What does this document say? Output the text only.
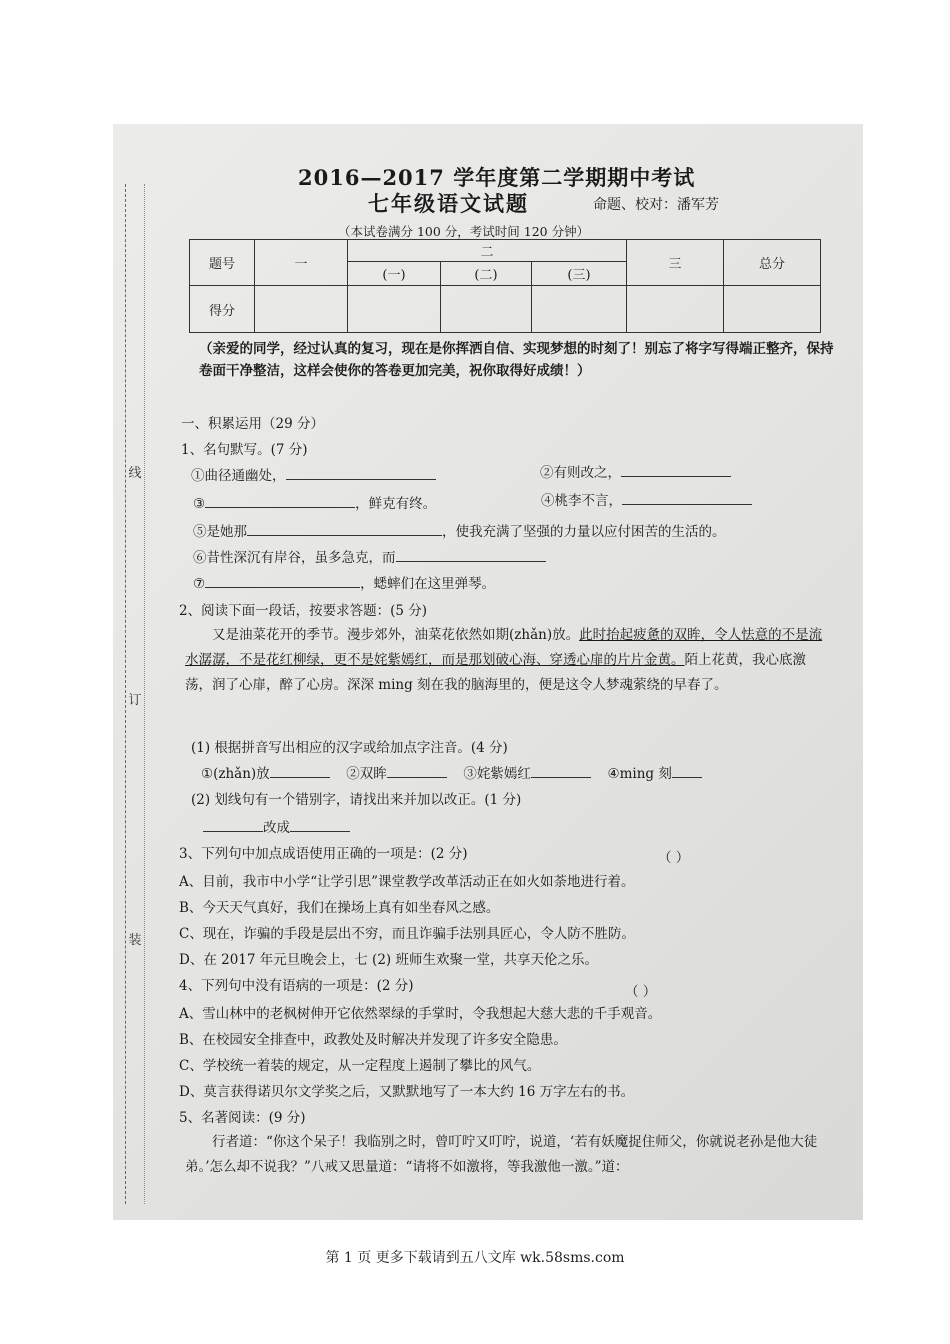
线
订
装
2016—2017 学年度第二学期期中考试
七年级语文试题	命题、校对：潘军芳
（本试卷满分 100 分，考试时间 120 分钟）
题号	一	二			三	总分
		(一)	(二)	(三)		
得分						
（亲爱的同学，经过认真的复习，现在是你挥洒自信、实现梦想的时刻了！别忘了将字写得端正整齐，保持卷面干净整洁，这样会使你的答卷更加完美，祝你取得好成绩！）
一、积累运用（29 分）
1、名句默写。(7 分)
①曲径通幽处，	②有则改之，
③	，鲜克有终。	④桃李不言，
⑤是她那	，使我充满了坚强的力量以应付困苦的生活的。
⑥昔性深沉有岸谷，虽多急克，而
⑦	，蟋蟀们在这里弹琴。
2、阅读下面一段话，按要求答题：(5 分)
又是油菜花开的季节。漫步郊外，油菜花依然如期(zhǎn)放。此时抬起疲惫的双眸，令人怯意的不是流水潺潺，不是花红柳绿，更不是姹紫嫣红，而是那划破心海、穿透心扉的片片金黄。陌上花黄，我心底激荡，润了心扉，醉了心房。深深 ming 刻在我的脑海里的，便是这令人梦魂萦绕的早春了。
(1) 根据拼音写出相应的汉字或给加点字注音。(4 分)
①(zhǎn)放	②双眸	③姹紫嫣红	④ming 刻
(2) 划线句有一个错别字，请找出来并加以改正。(1 分)
改成
3、下列句中加点成语使用正确的一项是：(2 分)	（ ）
A、目前，我市中小学“让学引思”课堂教学改革活动正在如火如荼地进行着。
B、今天天气真好，我们在操场上真有如坐春风之感。
C、现在，诈骗的手段是层出不穷，而且诈骗手法别具匠心，令人防不胜防。
D、在 2017 年元旦晚会上，七 (2) 班师生欢聚一堂，共享天伦之乐。
4、下列句中没有语病的一项是：(2 分)	（ ）
A、雪山林中的老枫树伸开它依然翠绿的手掌时，令我想起大慈大悲的千手观音。
B、在校园安全排查中，政教处及时解决并发现了许多安全隐患。
C、学校统一着装的规定，从一定程度上遏制了攀比的风气。
D、莫言获得诺贝尔文学奖之后，又默默地写了一本大约 16 万字左右的书。
5、名著阅读：(9 分)
行者道：“你这个呆子！我临别之时，曾叮咛又叮咛，说道，‘若有妖魔捉住师父，你就说老孙是他大徒弟。’怎么却不说我？”八戒又思量道：“请将不如激将，等我激他一激。”道：
第 1 页 更多下载请到五八文库 wk.58sms.com
